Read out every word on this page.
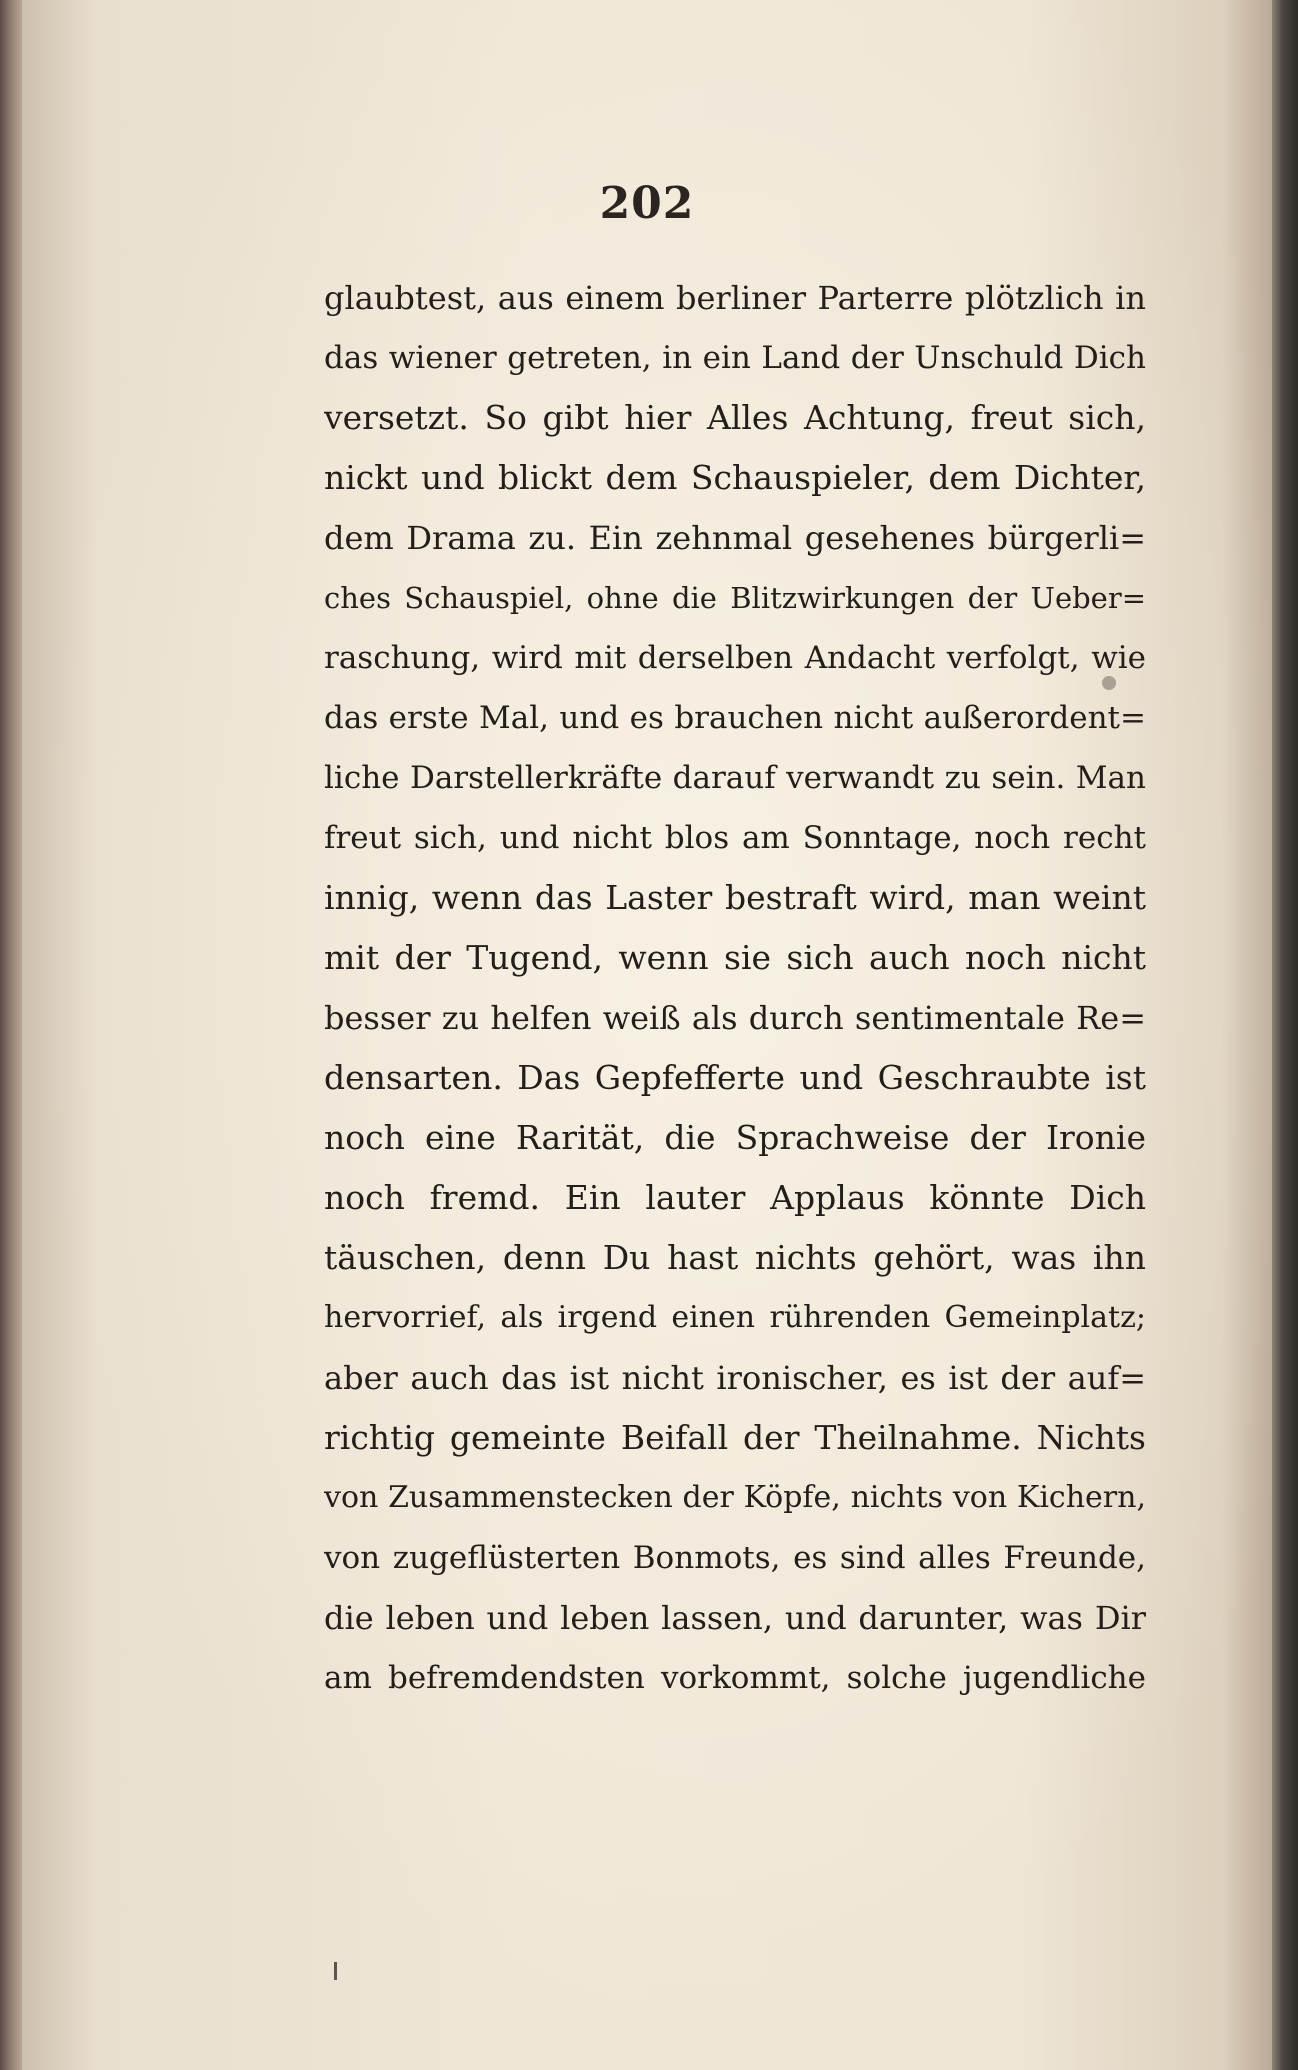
202
glaubtest, aus einem berliner Parterre plötzlich in
das wiener getreten, in ein Land der Unschuld Dich
versetzt. So gibt hier Alles Achtung, freut sich,
nickt und blickt dem Schauspieler, dem Dichter,
dem Drama zu. Ein zehnmal gesehenes bürgerli=
ches Schauspiel, ohne die Blitzwirkungen der Ueber=
raschung, wird mit derselben Andacht verfolgt, wie
das erste Mal, und es brauchen nicht außerordent=
liche Darstellerkräfte darauf verwandt zu sein. Man
freut sich, und nicht blos am Sonntage, noch recht
innig, wenn das Laster bestraft wird, man weint
mit der Tugend, wenn sie sich auch noch nicht
besser zu helfen weiß als durch sentimentale Re=
densarten. Das Gepfefferte und Geschraubte ist
noch eine Rarität, die Sprachweise der Ironie
noch fremd. Ein lauter Applaus könnte Dich
täuschen, denn Du hast nichts gehört, was ihn
hervorrief, als irgend einen rührenden Gemeinplatz;
aber auch das ist nicht ironischer, es ist der auf=
richtig gemeinte Beifall der Theilnahme. Nichts
von Zusammenstecken der Köpfe, nichts von Kichern,
von zugeflüsterten Bonmots, es sind alles Freunde,
die leben und leben lassen, und darunter, was Dir
am befremdendsten vorkommt, solche jugendliche
